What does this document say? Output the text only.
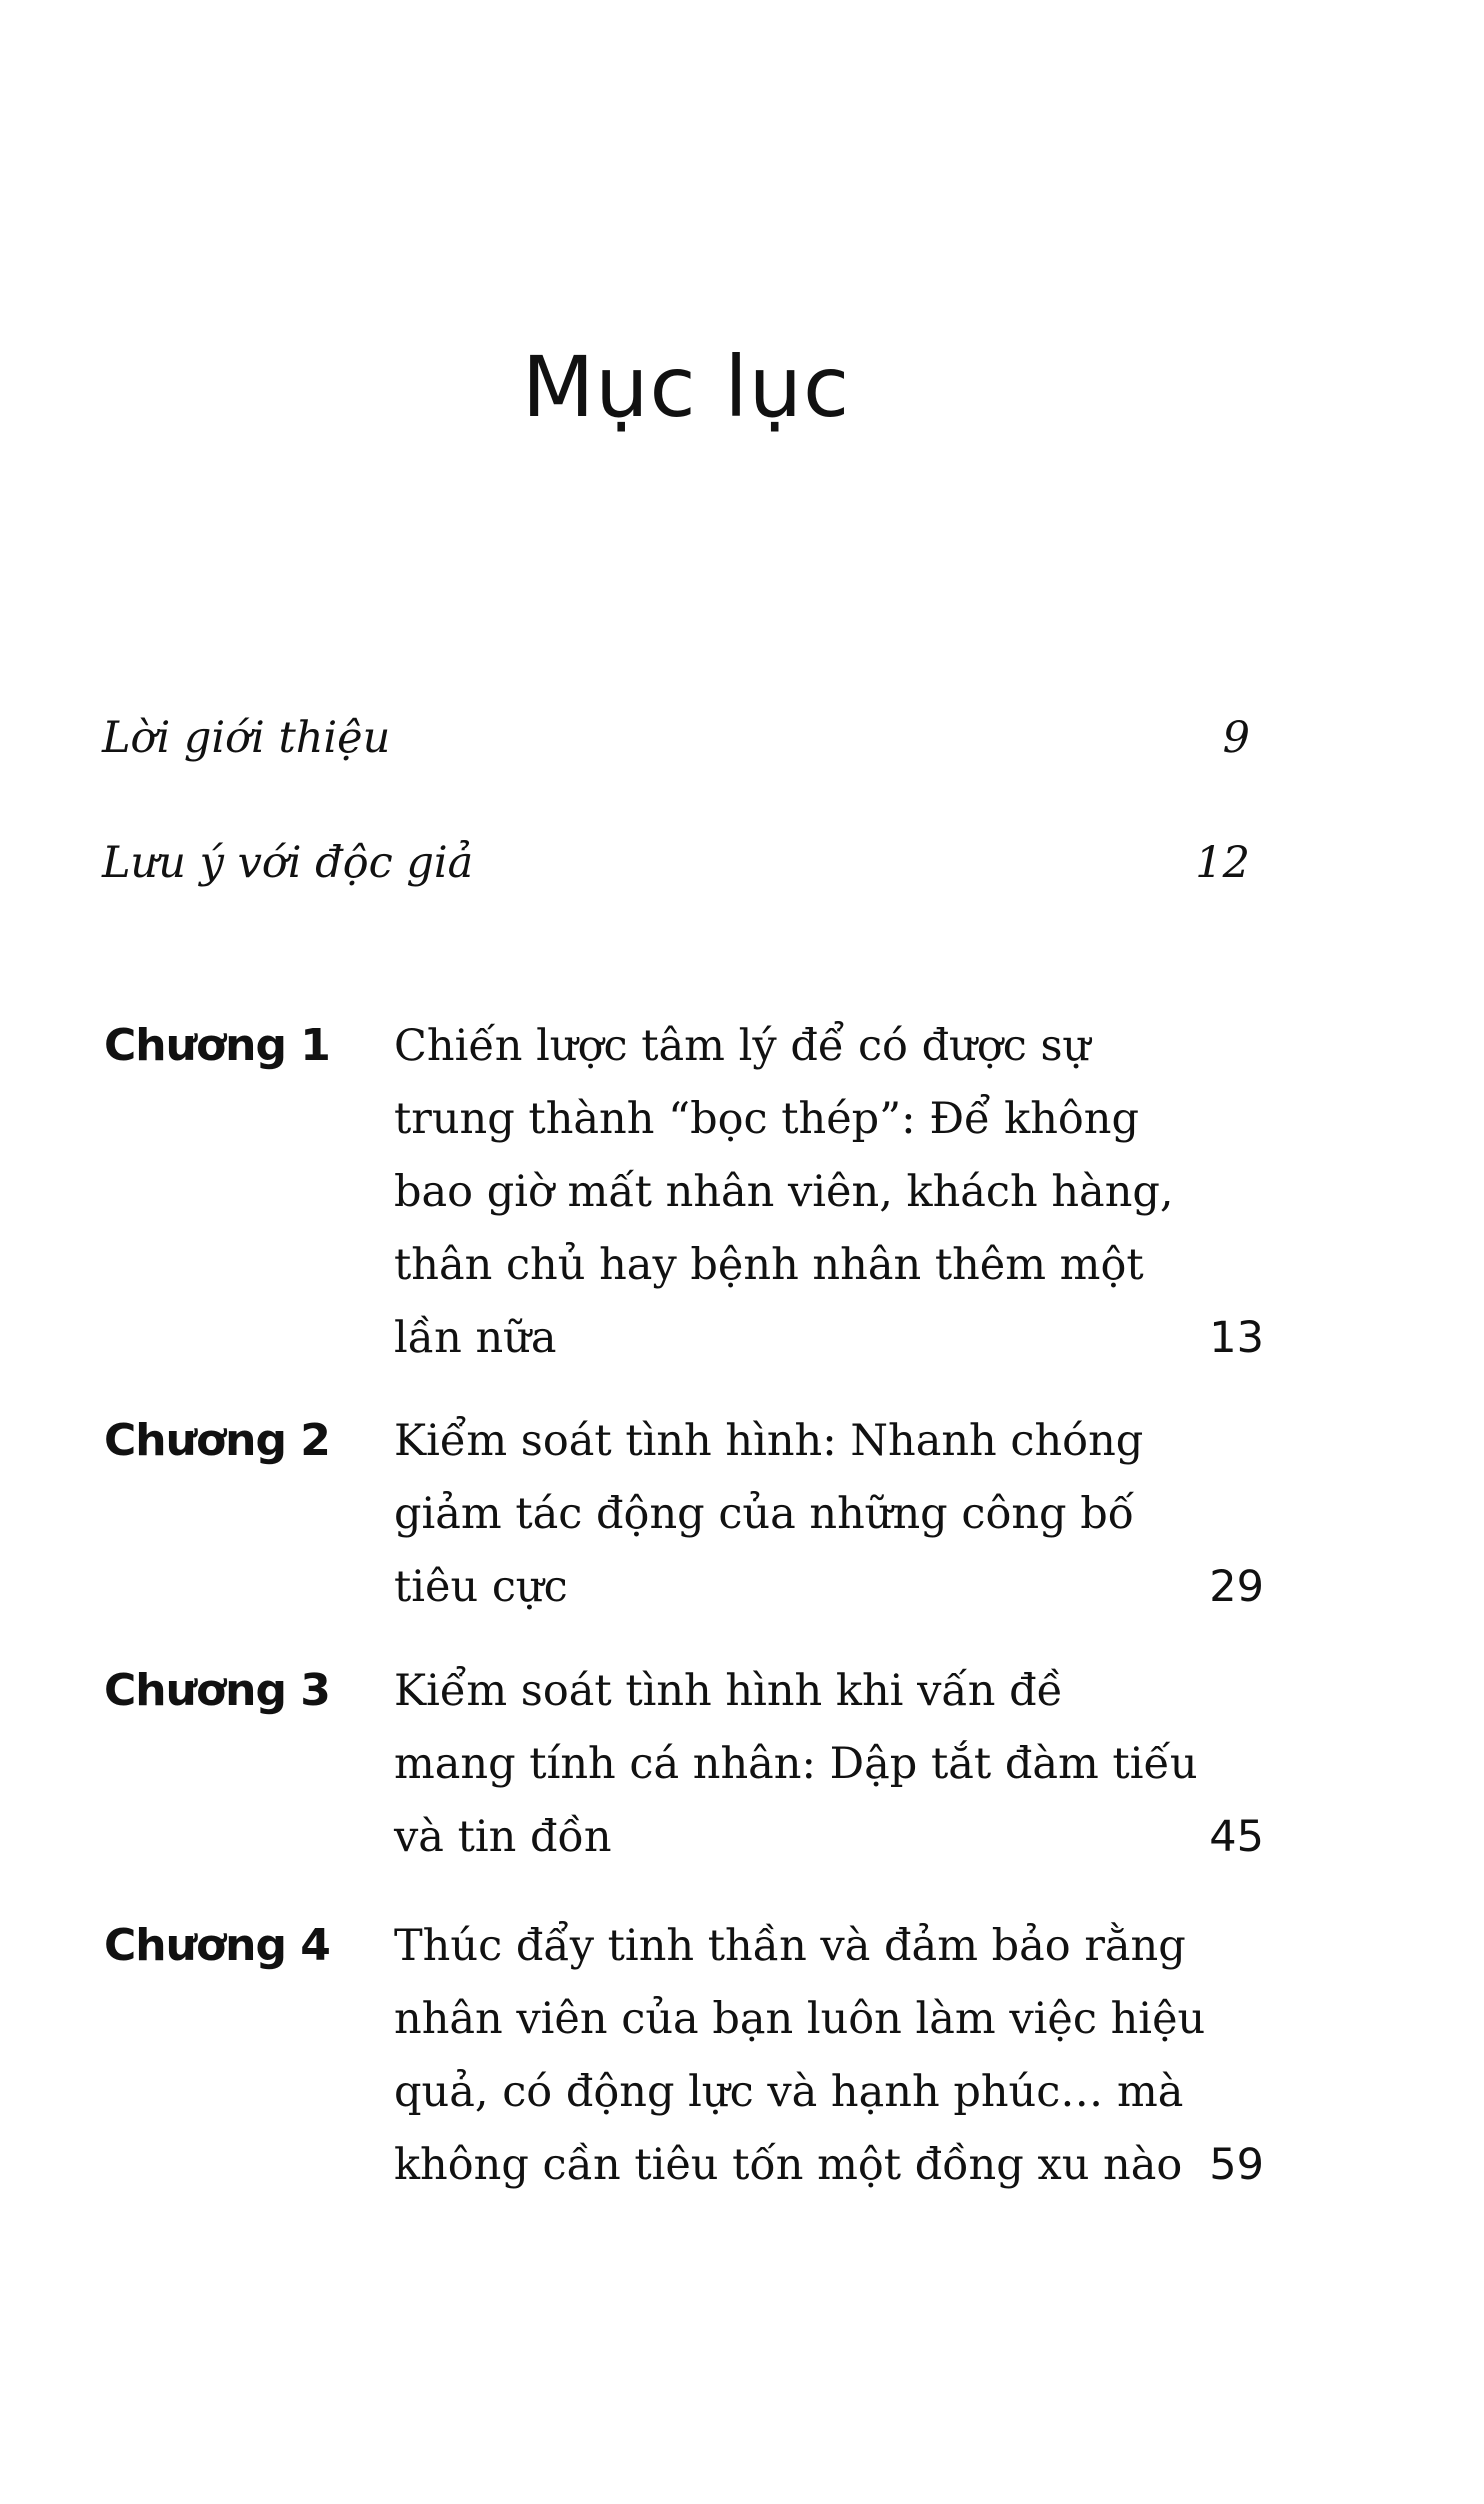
Mục lục
Lời giới thiệu	9
Lưu ý với độc giả	12
Chương 1 Chiến lược tâm lý để có được sự
trung thành “bọc thép”: Để không
bao giờ mất nhân viên, khách hàng,
thân chủ hay bệnh nhân thêm một
lần nữa	13
Chương 2 Kiểm soát tình hình: Nhanh chóng
giảm tác động của những công bố
tiêu cực	29
Chương 3 Kiểm soát tình hình khi vấn đề
mang tính cá nhân: Dập tắt đàm tiếu
và tin đồn	45
Chương 4 Thúc đẩy tinh thần và đảm bảo rằng
nhân viên của bạn luôn làm việc hiệu
quả, có động lực và hạnh phúc… mà
không cần tiêu tốn một đồng xu nào 59
